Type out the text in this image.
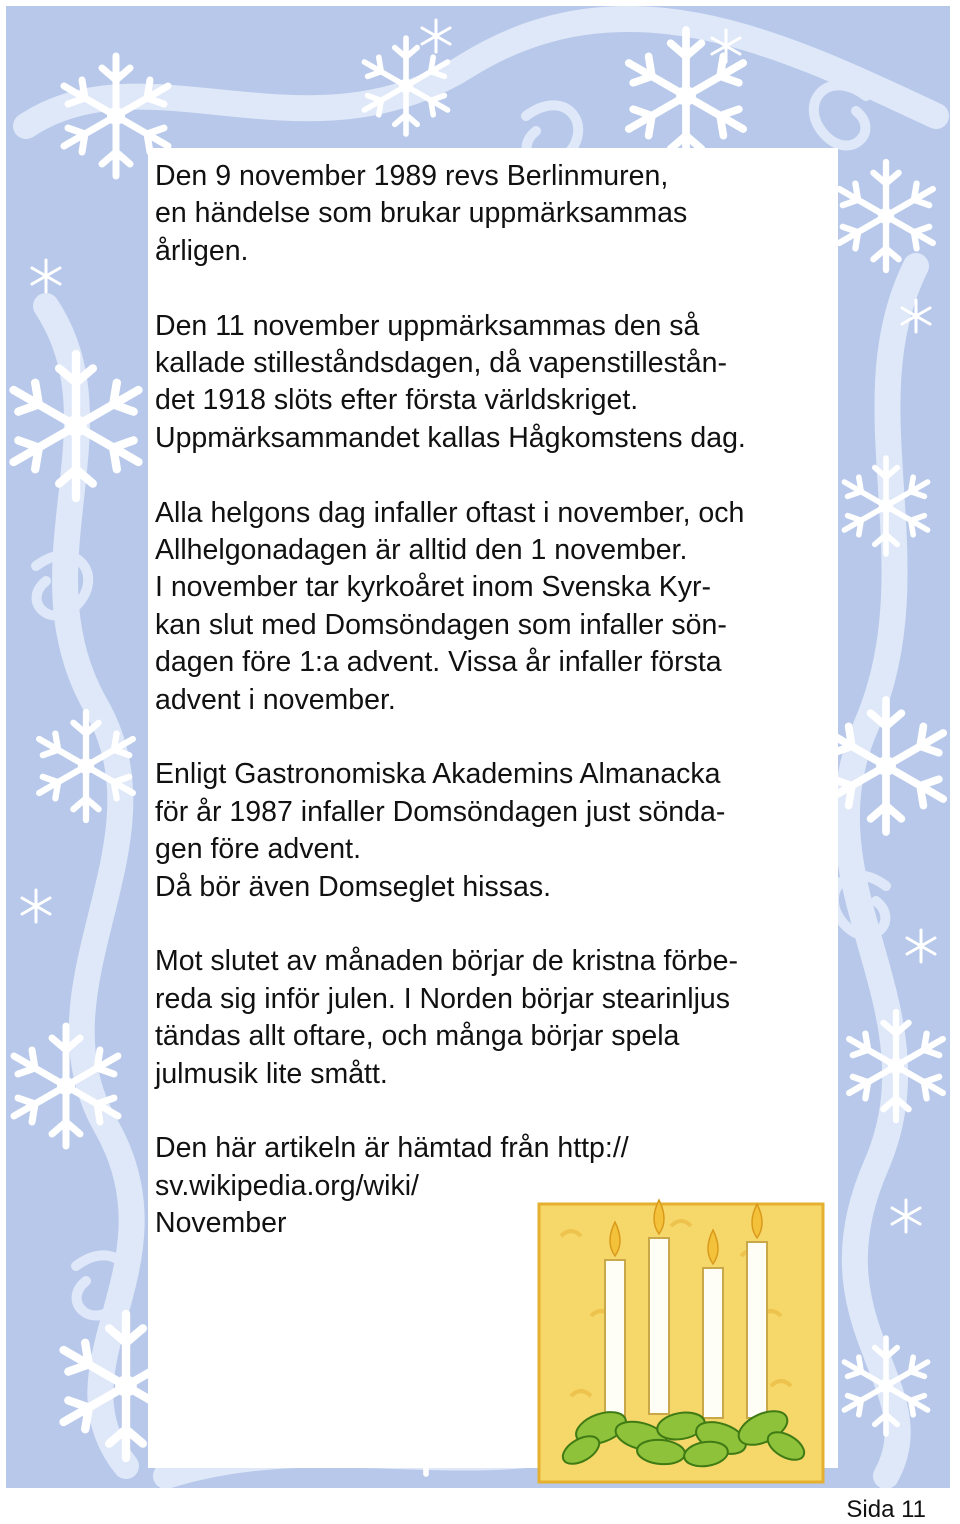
Den 9 november 1989 revs Berlinmuren,
en händelse som brukar uppmärksammas
årligen.

Den 11 november uppmärksammas den så
kallade stilleståndsdagen, då vapenstillestån-
det 1918 slöts efter första världskriget.
Uppmärksammandet kallas Hågkomstens dag.

Alla helgons dag infaller oftast i november, och
Allhelgonadagen är alltid den 1 november.
I november tar kyrkoåret inom Svenska Kyr-
kan slut med Domsöndagen som infaller sön-
dagen före 1:a advent. Vissa år infaller första
advent i november.

Enligt Gastronomiska Akademins Almanacka
för år 1987 infaller Domsöndagen just sönda-
gen före advent.
Då bör även Domseglet hissas.

Mot slutet av månaden börjar de kristna förbe-
reda sig inför julen. I Norden börjar stearinljus
tändas allt oftare, och många börjar spela
julmusik lite smått.

Den här artikeln är hämtad från http://
sv.wikipedia.org/wiki/
November

Sida 11
